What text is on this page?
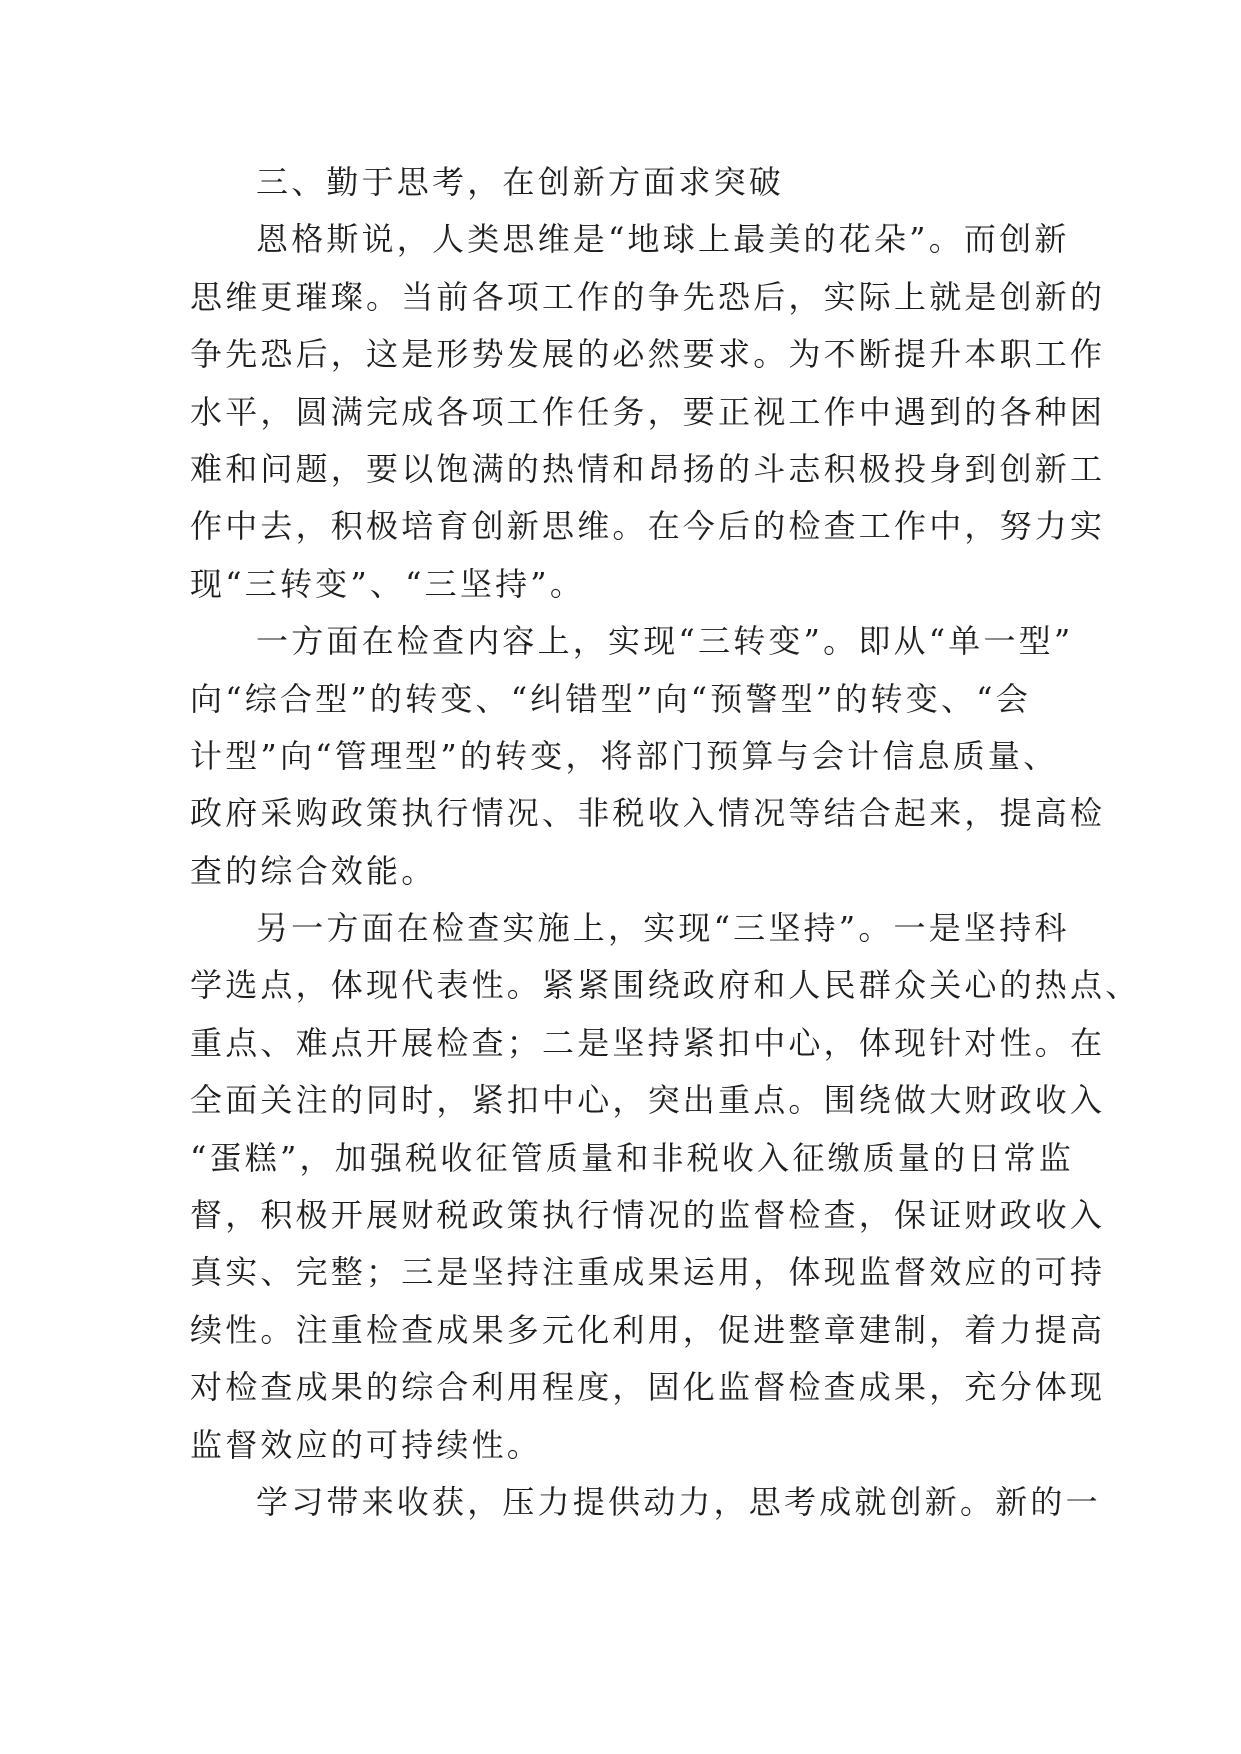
三、勤于思考，在创新方面求突破
恩格斯说，人类思维是“地球上最美的花朵”。而创新
思维更璀璨。当前各项工作的争先恐后，实际上就是创新的
争先恐后，这是形势发展的必然要求。为不断提升本职工作
水平，圆满完成各项工作任务，要正视工作中遇到的各种困
难和问题，要以饱满的热情和昂扬的斗志积极投身到创新工
作中去，积极培育创新思维。在今后的检查工作中，努力实
现“三转变”、“三坚持”。
一方面在检查内容上，实现“三转变”。即从“单一型”
向“综合型”的转变、“纠错型”向“预警型”的转变、“会
计型”向“管理型”的转变，将部门预算与会计信息质量、
政府采购政策执行情况、非税收入情况等结合起来，提高检
查的综合效能。
另一方面在检查实施上，实现“三坚持”。一是坚持科
学选点，体现代表性。紧紧围绕政府和人民群众关心的热点、
重点、难点开展检查；二是坚持紧扣中心，体现针对性。在
全面关注的同时，紧扣中心，突出重点。围绕做大财政收入
“蛋糕”，加强税收征管质量和非税收入征缴质量的日常监
督，积极开展财税政策执行情况的监督检查，保证财政收入
真实、完整；三是坚持注重成果运用，体现监督效应的可持
续性。注重检查成果多元化利用，促进整章建制，着力提高
对检查成果的综合利用程度，固化监督检查成果，充分体现
监督效应的可持续性。
学习带来收获，压力提供动力，思考成就创新。新的一
